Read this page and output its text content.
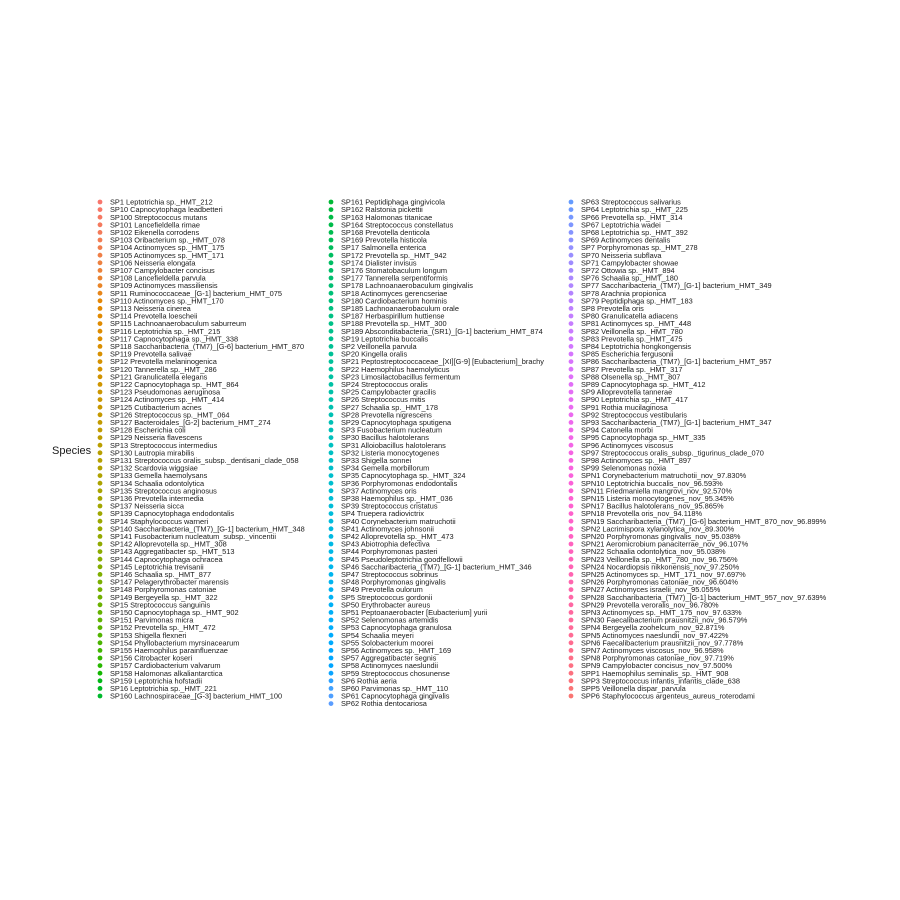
Species
SP1 Leptotrichia sp._HMT_212
SP10 Capnocytophaga leadbetteri
SP100 Streptococcus mutans
SP101 Lancefieldella rimae
SP102 Eikenella corrodens
SP103 Oribacterium sp._HMT_078
SP104 Actinomyces sp._HMT_175
SP105 Actinomyces sp._HMT_171
SP106 Neisseria elongata
SP107 Campylobacter concisus
SP108 Lancefieldella parvula
SP109 Actinomyces massiliensis
SP11 Ruminococcaceae_[G-1] bacterium_HMT_075
SP110 Actinomyces sp._HMT_170
SP113 Neisseria cinerea
SP114 Prevotella loescheii
SP115 Lachnoanaerobaculum saburreum
SP116 Leptotrichia sp._HMT_215
SP117 Capnocytophaga sp._HMT_338
SP118 Saccharibacteria_(TM7)_[G-6] bacterium_HMT_870
SP119 Prevotella salivae
SP12 Prevotella melaninogenica
SP120 Tannerella sp._HMT_286
SP121 Granulicatella elegans
SP122 Capnocytophaga sp._HMT_864
SP123 Pseudomonas aeruginosa
SP124 Actinomyces sp._HMT_414
SP125 Cutibacterium acnes
SP126 Streptococcus sp._HMT_064
SP127 Bacteroidales_[G-2] bacterium_HMT_274
SP128 Escherichia coli
SP129 Neisseria flavescens
SP13 Streptococcus intermedius
SP130 Lautropia mirabilis
SP131 Streptococcus oralis_subsp._dentisani_clade_058
SP132 Scardovia wiggsiae
SP133 Gemella haemolysans
SP134 Schaalia odontolytica
SP135 Streptococcus anginosus
SP136 Prevotella intermedia
SP137 Neisseria sicca
SP139 Capnocytophaga endodontalis
SP14 Staphylococcus warneri
SP140 Saccharibacteria_(TM7)_[G-1] bacterium_HMT_348
SP141 Fusobacterium nucleatum_subsp._vincentii
SP142 Alloprevotella sp._HMT_308
SP143 Aggregatibacter sp._HMT_513
SP144 Capnocytophaga ochracea
SP145 Leptotrichia trevisanii
SP146 Schaalia sp._HMT_877
SP147 Pelagerythrobacter marensis
SP148 Porphyromonas catoniae
SP149 Bergeyella sp._HMT_322
SP15 Streptococcus sanguinis
SP150 Capnocytophaga sp._HMT_902
SP151 Parvimonas micra
SP152 Prevotella sp._HMT_472
SP153 Shigella flexneri
SP154 Phyllobacterium myrsinacearum
SP155 Haemophilus parainfluenzae
SP156 Citrobacter koseri
SP157 Cardiobacterium valvarum
SP158 Halomonas alkaliantarctica
SP159 Leptotrichia hofstadii
SP16 Leptotrichia sp._HMT_221
SP160 Lachnospiraceae_[G-3] bacterium_HMT_100
SP161 Peptidiphaga gingivicola
SP162 Ralstonia pickettii
SP163 Halomonas titanicae
SP164 Streptococcus constellatus
SP168 Prevotella denticola
SP169 Prevotella histicola
SP17 Salmonella enterica
SP172 Prevotella sp._HMT_942
SP174 Dialister invisus
SP176 Stomatobaculum longum
SP177 Tannerella serpentiformis
SP178 Lachnoanaerobaculum gingivalis
SP18 Actinomyces gerencseriae
SP180 Cardiobacterium hominis
SP185 Lachnoanaerobaculum orale
SP187 Herbaspirillum huttiense
SP188 Prevotella sp._HMT_300
SP189 Absconditabacteria_(SR1)_[G-1] bacterium_HMT_874
SP19 Leptotrichia buccalis
SP2 Veillonella parvula
SP20 Kingella oralis
SP21 Peptostreptococcaceae_[XI][G-9] [Eubacterium]_brachy
SP22 Haemophilus haemolyticus
SP23 Limosilactobacillus fermentum
SP24 Streptococcus oralis
SP25 Campylobacter gracilis
SP26 Streptococcus mitis
SP27 Schaalia sp._HMT_178
SP28 Prevotella nigrescens
SP29 Capnocytophaga sputigena
SP3 Fusobacterium nucleatum
SP30 Bacillus halotolerans
SP31 Alloiobacillus halotolerans
SP32 Listeria monocytogenes
SP33 Shigella sonnei
SP34 Gemella morbillorum
SP35 Capnocytophaga sp._HMT_324
SP36 Porphyromonas endodontalis
SP37 Actinomyces oris
SP38 Haemophilus sp._HMT_036
SP39 Streptococcus cristatus
SP4 Trueperа radiovictrix
SP40 Corynebacterium matruchotii
SP41 Actinomyces johnsonii
SP42 Alloprevotella sp._HMT_473
SP43 Abiotrophia defectiva
SP44 Porphyromonas pasteri
SP45 Pseudoleptotrichia goodfellowii
SP46 Saccharibacteria_(TM7)_[G-1] bacterium_HMT_346
SP47 Streptococcus sobrinus
SP48 Porphyromonas gingivalis
SP49 Prevotella oulorum
SP5 Streptococcus gordonii
SP50 Erythrobacter aureus
SP51 Peptoanaerobacter [Eubacterium] yurii
SP52 Selenomonas artemidis
SP53 Capnocytophaga granulosa
SP54 Schaalia meyeri
SP55 Solobacterium moorei
SP56 Actinomyces sp._HMT_169
SP57 Aggregatibacter segnis
SP58 Actinomyces naeslundii
SP59 Streptococcus chosunense
SP6 Rothia aeria
SP60 Parvimonas sp._HMT_110
SP61 Capnocytophaga gingivalis
SP62 Rothia dentocariosa
SP63 Streptococcus salivarius
SP64 Leptotrichia sp._HMT_225
SP66 Prevotella sp._HMT_314
SP67 Leptotrichia wadei
SP68 Leptotrichia sp._HMT_392
SP69 Actinomyces dentalis
SP7 Porphyromonas sp._HMT_278
SP70 Neisseria subflava
SP71 Campylobacter showae
SP72 Ottowia sp._HMT_894
SP76 Schaalia sp._HMT_180
SP77 Saccharibacteria_(TM7)_[G-1] bacterium_HMT_349
SP78 Arachnia propionica
SP79 Peptidiphaga sp._HMT_183
SP8 Prevotella oris
SP80 Granulicatella adiacens
SP81 Actinomyces sp._HMT_448
SP82 Veillonella sp._HMT_780
SP83 Prevotella sp._HMT_475
SP84 Leptotrichia hongkongensis
SP85 Escherichia fergusonii
SP86 Saccharibacteria_(TM7)_[G-1] bacterium_HMT_957
SP87 Prevotella sp._HMT_317
SP88 Olsenella sp._HMT_807
SP89 Capnocytophaga sp._HMT_412
SP9 Alloprevotella tannerae
SP90 Leptotrichia sp._HMT_417
SP91 Rothia mucilaginosa
SP92 Streptococcus vestibularis
SP93 Saccharibacteria_(TM7)_[G-1] bacterium_HMT_347
SP94 Catonella morbi
SP95 Capnocytophaga sp._HMT_335
SP96 Actinomyces viscosus
SP97 Streptococcus oralis_subsp._tigurinus_clade_070
SP98 Actinomyces sp._HMT_897
SP99 Selenomonas noxia
SPN1 Corynebacterium matruchotii_nov_97.830%
SPN10 Leptotrichia buccalis_nov_96.593%
SPN11 Friedmaniella mangrovi_nov_92.570%
SPN15 Listeria monocytogenes_nov_95.345%
SPN17 Bacillus halotolerans_nov_95.865%
SPN18 Prevotella oris_nov_94.118%
SPN19 Saccharibacteria_(TM7)_[G-6] bacterium_HMT_870_nov_96.899%
SPN2 Lacrimispora xylanolytica_nov_89.300%
SPN20 Porphyromonas gingivalis_nov_95.038%
SPN21 Aeromicrobium panaciterrae_nov_96.107%
SPN22 Schaalia odontolytica_nov_95.038%
SPN23 Veillonella sp._HMT_780_nov_96.756%
SPN24 Nocardiopsis nikkonensis_nov_97.250%
SPN25 Actinomyces sp._HMT_171_nov_97.697%
SPN26 Porphyromonas catoniae_nov_96.604%
SPN27 Actinomyces israelii_nov_95.055%
SPN28 Saccharibacteria_(TM7)_[G-1] bacterium_HMT_957_nov_97.639%
SPN29 Prevotella veroralis_nov_96.780%
SPN3 Actinomyces sp._HMT_175_nov_97.633%
SPN30 Faecalibacterium prausnitzii_nov_96.579%
SPN4 Bergeyella zoohelcum_nov_92.871%
SPN5 Actinomyces naeslundii_nov_97.422%
SPN6 Faecalibacterium prausnitzii_nov_97.778%
SPN7 Actinomyces viscosus_nov_96.958%
SPN8 Porphyromonas catoniae_nov_97.719%
SPN9 Campylobacter concisus_nov_97.500%
SPP1 Haemophilus seminalis_sp._HMT_908
SPP3 Streptococcus infantis_infantis_clade_638
SPP5 Veillonella dispar_parvula
SPP6 Staphylococcus argenteus_aureus_roterodami
